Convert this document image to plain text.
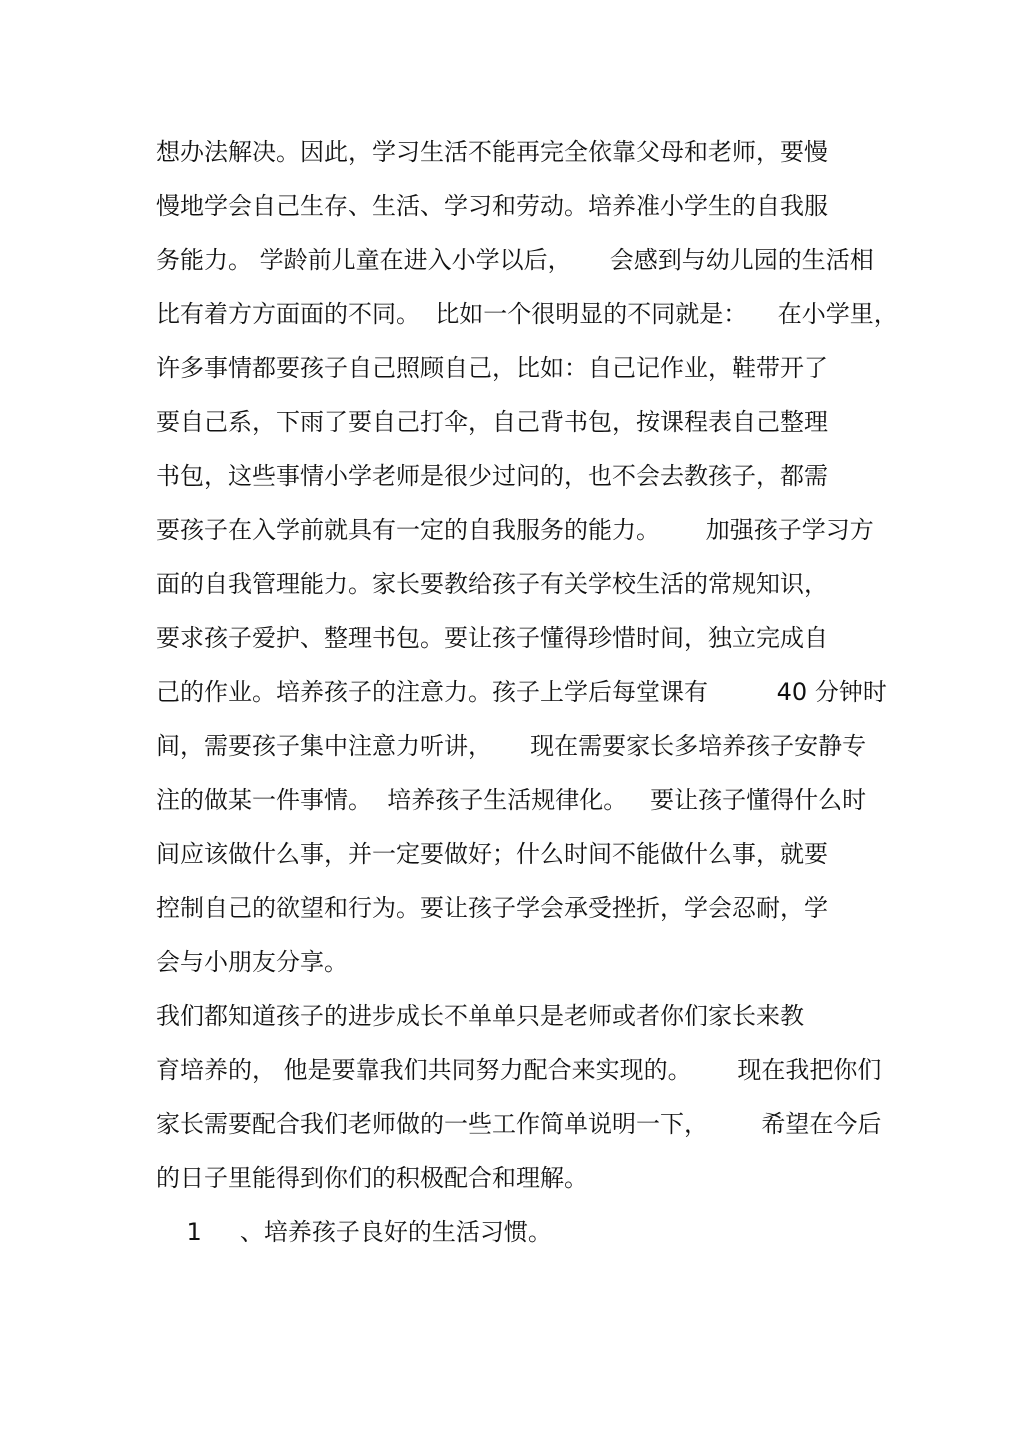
想办法解决。因此，学习生活不能再完全依靠父母和老师，要慢
慢地学会自己生存、生活、学习和劳动。培养准小学生的自我服
务能力。 学龄前儿童在进入小学以后，     会感到与幼儿园的生活相
比有着方方面面的不同。  比如一个很明显的不同就是：    在小学里，
许多事情都要孩子自己照顾自己，比如：自己记作业，鞋带开了
要自己系，下雨了要自己打伞，自己背书包，按课程表自己整理
书包，这些事情小学老师是很少过问的，也不会去教孩子，都需
要孩子在入学前就具有一定的自我服务的能力。      加强孩子学习方
面的自我管理能力。家长要教给孩子有关学校生活的常规知识，
要求孩子爱护、整理书包。要让孩子懂得珍惜时间，独立完成自
己的作业。培养孩子的注意力。孩子上学后每堂课有         40 分钟时
间，需要孩子集中注意力听讲，     现在需要家长多培养孩子安静专
注的做某一件事情。  培养孩子生活规律化。   要让孩子懂得什么时
间应该做什么事，并一定要做好；什么时间不能做什么事，就要
控制自己的欲望和行为。要让孩子学会承受挫折，学会忍耐，学
会与小朋友分享。
我们都知道孩子的进步成长不单单只是老师或者你们家长来教
育培养的， 他是要靠我们共同努力配合来实现的。      现在我把你们
家长需要配合我们老师做的一些工作简单说明一下，       希望在今后
的日子里能得到你们的积极配合和理解。
1     、培养孩子良好的生活习惯。
